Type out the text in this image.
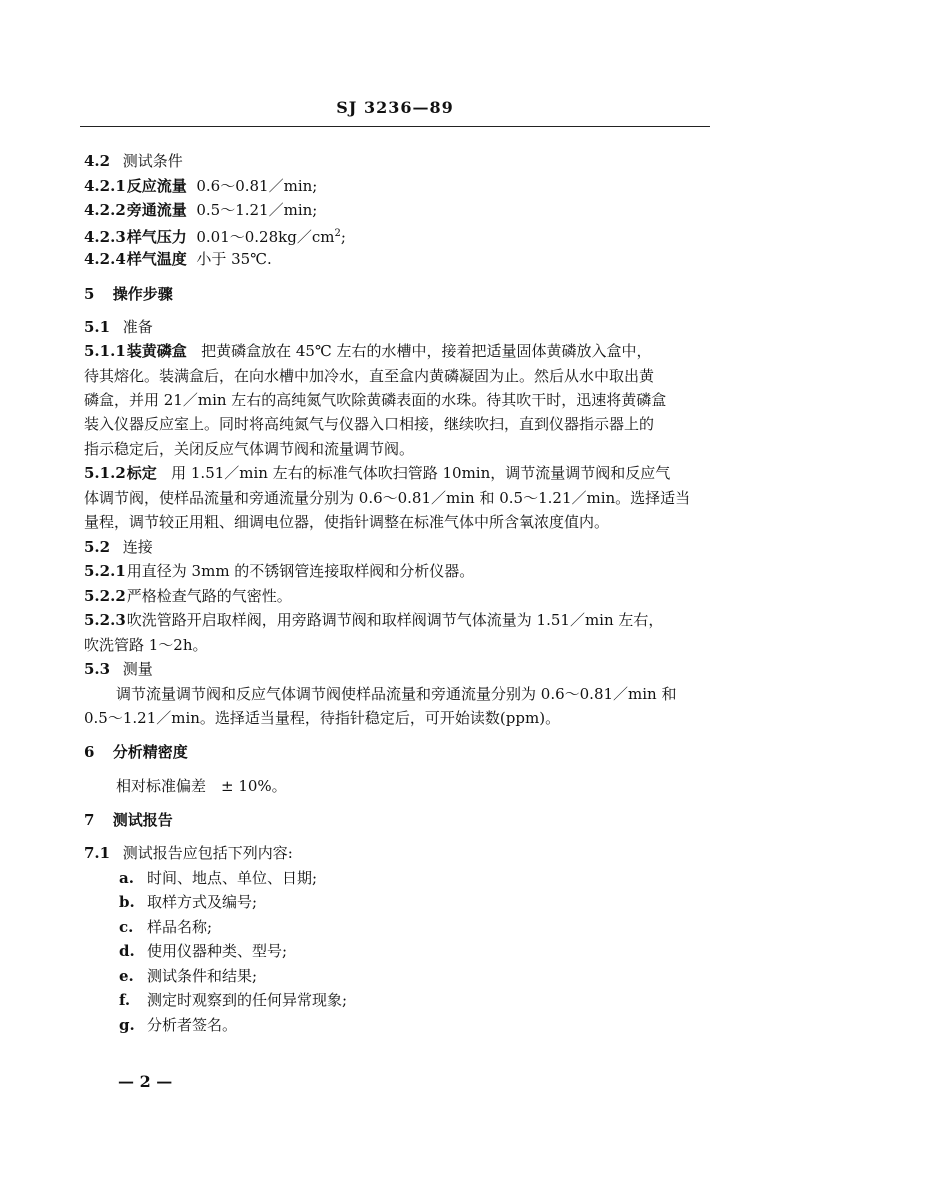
SJ 3236—89
4.2 测试条件
4.2.1 反应流量 0.6～0.81／min;
4.2.2 旁通流量 0.5～1.21／min;
4.2.3 样气压力 $0.01\sim 0.28kg/cm^2$;
4.2.4 样气温度 小于 35℃.
5 操作步骤
5.1 准备
5.1.1 装黄磷盒 把黄磷盒放在 45℃ 左右的水槽中，接着把适量固体黄磷放入盒中，
待其熔化。装满盒后，在向水槽中加冷水，直至盒内黄磷凝固为止。然后从水中取出黄
磷盒，并用 21／min 左右的高纯氮气吹除黄磷表面的水珠。待其吹干时，迅速将黄磷盒
装入仪器反应室上。同时将高纯氮气与仪器入口相接，继续吹扫，直到仪器指示器上的
指示稳定后，关闭反应气体调节阀和流量调节阀。
5.1.2 标定 用 1.51／min 左右的标准气体吹扫管路 10min，调节流量调节阀和反应气
体调节阀，使样品流量和旁通流量分别为 0.6～0.81／min 和 0.5～1.21／min。选择适当
量程，调节较正用粗、细调电位器，使指针调整在标准气体中所含氧浓度值内。
5.2 连接
5.2.1 用直径为 3mm 的不锈钢管连接取样阀和分析仪器。
5.2.2 严格检查气路的气密性。
5.2.3 吹洗管路开启取样阀，用旁路调节阀和取样阀调节气体流量为 1.51／min 左右，
吹洗管路 1～2h。
5.3 测量
调节流量调节阀和反应气体调节阀使样品流量和旁通流量分别为 0.6～0.81／min 和
0.5～1.21／min。选择适当量程，待指针稳定后，可开始读数(ppm)。
6 分析精密度
相对标准偏差　± 10%。
7 测试报告
7.1 测试报告应包括下列内容:
a. 时间、地点、单位、日期;
b. 取样方式及编号;
c. 样品名称;
d. 使用仪器种类、型号;
e. 测试条件和结果;
f. 测定时观察到的任何异常现象;
g. 分析者签名。
— 2 —
